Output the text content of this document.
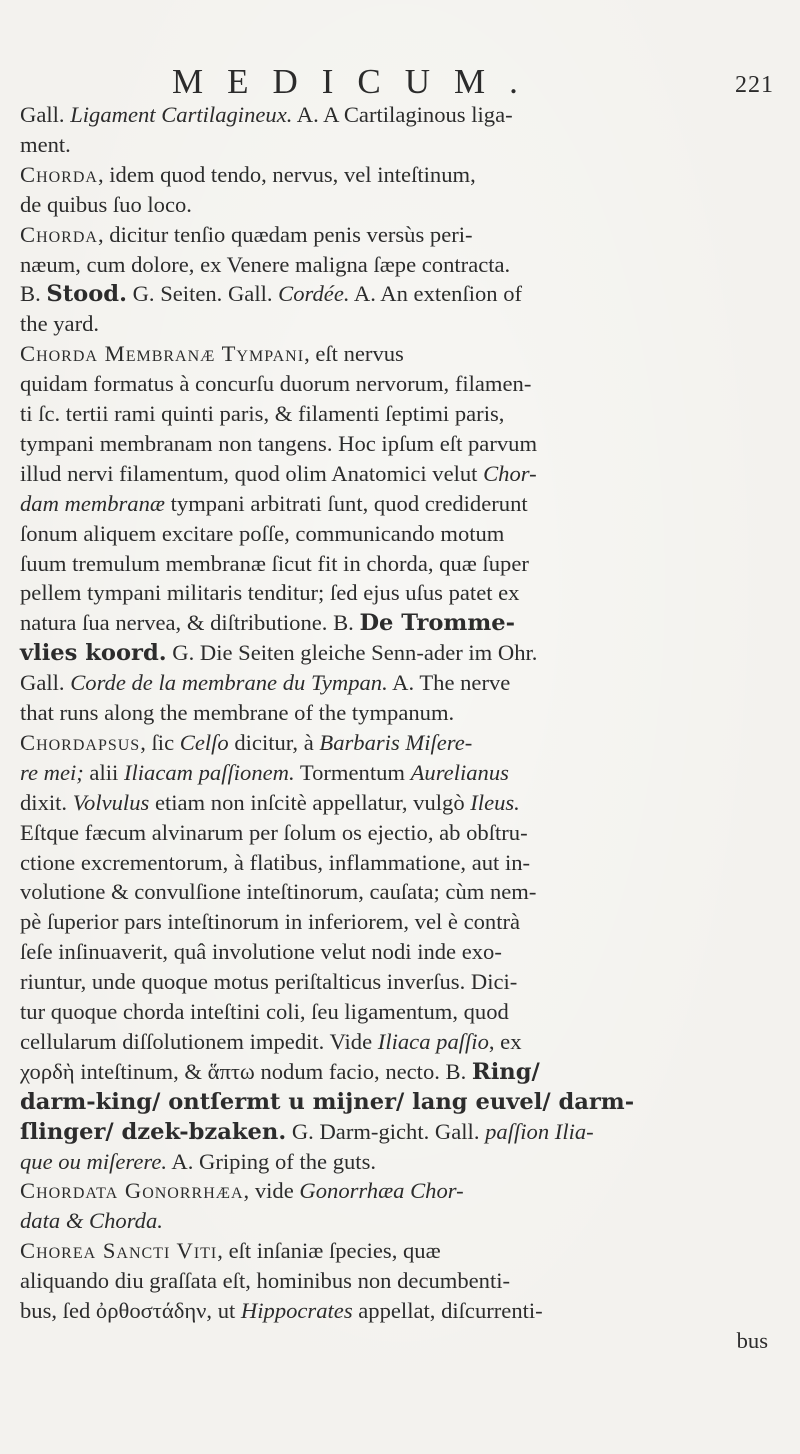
MEDICUM.	221
Gall. Ligament Cartilagineux. A. A Cartilaginous liga-
ment.
Chorda, idem quod tendo, nervus, vel inteſtinum,
de quibus ſuo loco.
Chorda, dicitur tenſio quædam penis versùs peri-
næum, cum dolore, ex Venere maligna ſæpe contracta.
B. Stood. G. Seiten. Gall. Cordée. A. An extenſion of
the yard.
Chorda Membranæ Tympani, eſt nervus
quidam formatus à concurſu duorum nervorum, filamen-
ti ſc. tertii rami quinti paris, & filamenti ſeptimi paris,
tympani membranam non tangens. Hoc ipſum eſt parvum
illud nervi filamentum, quod olim Anatomici velut Chor-
dam membranæ tympani arbitrati ſunt, quod crediderunt
ſonum aliquem excitare poſſe, communicando motum
ſuum tremulum membranæ ſicut fit in chorda, quæ ſuper
pellem tympani militaris tenditur; ſed ejus uſus patet ex
natura ſua nervea, & diſtributione. B. De Tromme-
vlies koord. G. Die Seiten gleiche Senn-ader im Ohr.
Gall. Corde de la membrane du Tympan. A. The nerve
that runs along the membrane of the tympanum.
Chordapsus, ſic Celſo dicitur, à Barbaris Miſere-
re mei; alii Iliacam paſſionem. Tormentum Aurelianus
dixit. Volvulus etiam non inſcitè appellatur, vulgò Ileus.
Eſtque fæcum alvinarum per ſolum os ejectio, ab obſtru-
ctione excrementorum, à flatibus, inflammatione, aut in-
volutione & convulſione inteſtinorum, cauſata; cùm nem-
pè ſuperior pars inteſtinorum in inferiorem, vel è contrà
ſeſe inſinuaverit, quâ involutione velut nodi inde exo-
riuntur, unde quoque motus periſtalticus inverſus. Dici-
tur quoque chorda inteſtini coli, ſeu ligamentum, quod
cellularum diſſolutionem impedit. Vide Iliaca paſſio, ex
χορδὴ inteſtinum, & ἅπτω nodum facio, necto. B. Ring/
darm-king/ ontſermt u mijner/ lang euvel/ darm-
ſlinger/ dzek-bzaken. G. Darm-gicht. Gall. paſſion Ilia-
que ou miſerere. A. Griping of the guts.
Chordata Gonorrhæa, vide Gonorrhæa Chor-
data & Chorda.
Chorea Sancti Viti, eſt inſaniæ ſpecies, quæ
aliquando diu graſſata eſt, hominibus non decumbenti-
bus, ſed ὀρθοστάδην, ut Hippocrates appellat, diſcurrenti-
bus
